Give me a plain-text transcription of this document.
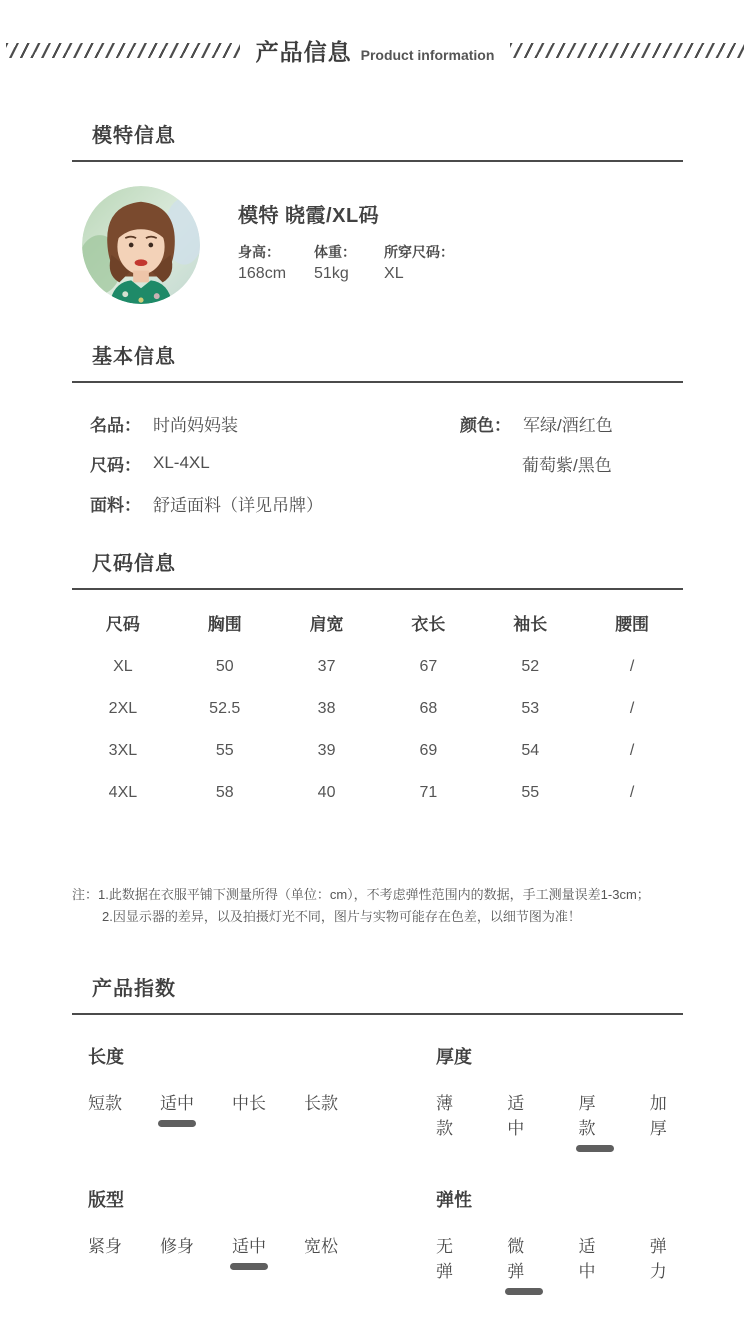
产品信息 Product information
模特信息
模特 晓霞/XL码
身高：
168cm
体重：
51kg
所穿尺码：
XL
基本信息
名品： 时尚妈妈装
尺码： XL-4XL
面料： 舒适面料（详见吊牌）
颜色： 军绿/酒红色
葡萄紫/黑色
尺码信息
尺码	胸围	肩宽	衣长	袖长	腰围
XL	50	37	67	52	/
2XL	52.5	38	68	53	/
3XL	55	39	69	54	/
4XL	58	40	71	55	/
注：1.此数据在衣服平铺下测量所得（单位：cm），不考虑弹性范围内的数据，手工测量误差1-3cm；
2.因显示器的差异，以及拍摄灯光不同，图片与实物可能存在色差，以细节图为准！
产品指数
长度
短款 适中 中长 长款
厚度
薄款
适中
厚款
加厚
版型
紧身 修身 适中 宽松
弹性
无弹
微弹
适中
弹力
